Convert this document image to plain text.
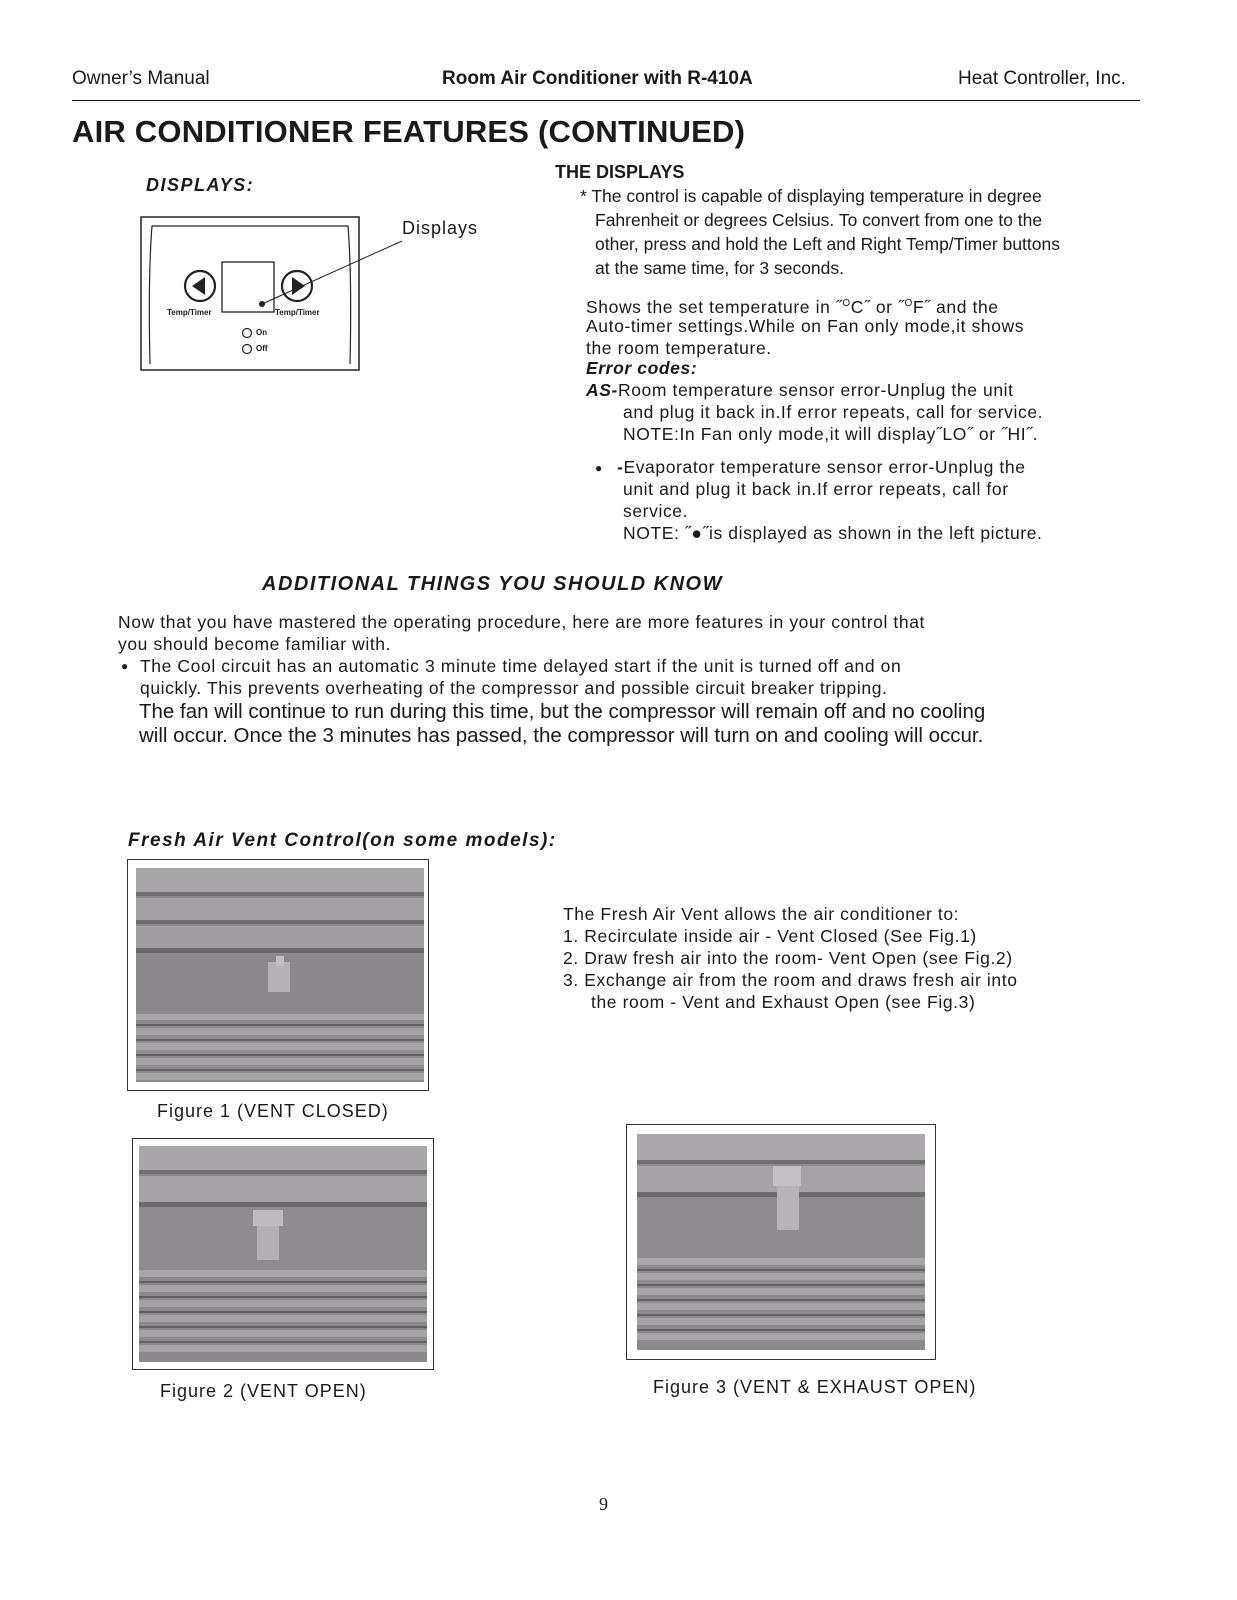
Owner’s Manual	Room Air Conditioner with R-410A	Heat Controller, Inc.
AIR CONDITIONER FEATURES (CONTINUED)
DISPLAYS:
Displays
Temp/Timer	Temp/Timer
On
Off
THE DISPLAYS
* The control is capable of displaying temperature in degree
Fahrenheit or degrees Celsius. To convert from one to the
other, press and hold the Left and Right Temp/Timer buttons
at the same time, for 3 seconds.
Shows the set temperature in ˝$^O$C˝ or ˝$^O$F˝ and the
Auto-timer settings.While on Fan only mode,it shows
the room temperature.
Error codes:
AS-Room temperature sensor error-Unplug the unit
and plug it back in.If error repeats, call for service.
NOTE:In Fan only mode,it will display˝LO˝ or ˝HI˝.
● -Evaporator temperature sensor error-Unplug the
unit and plug it back in.If error repeats, call for
service.
NOTE: ˝●˝is displayed as shown in the left picture.
ADDITIONAL THINGS YOU SHOULD KNOW
Now that you have mastered the operating procedure, here are more features in your control that
you should become familiar with.
● The Cool circuit has an automatic 3 minute time delayed start if the unit is turned off and on
quickly. This prevents overheating of the compressor and possible circuit breaker tripping.
The fan will continue to run during this time, but the compressor will remain off and no cooling
will occur. Once the 3 minutes has passed, the compressor will turn on and cooling will occur.
Fresh Air Vent Control(on some models):
The Fresh Air Vent allows the air conditioner to:
1. Recirculate inside air - Vent Closed (See Fig.1)
2. Draw fresh air into the room- Vent Open (see Fig.2)
3. Exchange air from the room and draws fresh air into
the room - Vent and Exhaust Open (see Fig.3)
Figure 1 (VENT CLOSED)
Figure 2 (VENT OPEN)	Figure 3 (VENT & EXHAUST OPEN)
9
